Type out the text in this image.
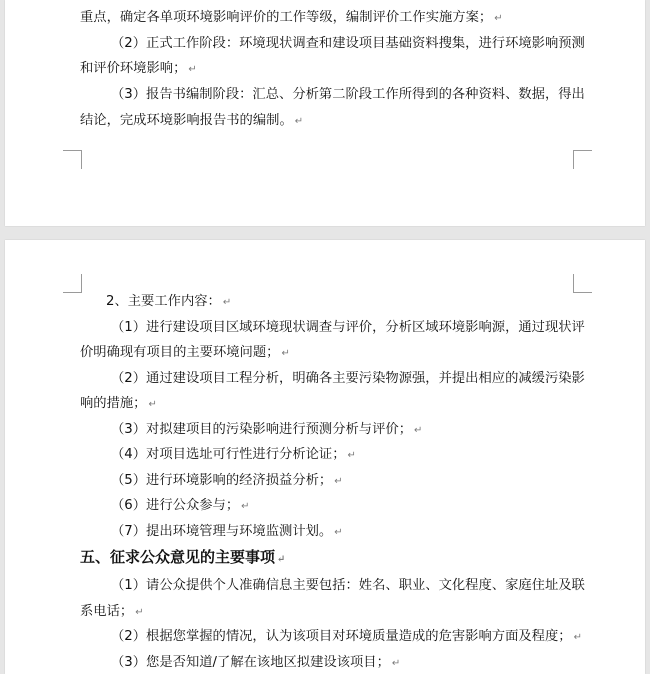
重点，确定各单项环境影响评价的工作等级，编制评价工作实施方案； ↵
（2）正式工作阶段：环境现状调查和建设项目基础资料搜集，进行环境影响预测
和评价环境影响； ↵
（3）报告书编制阶段：汇总、分析第二阶段工作所得到的各种资料、数据，得出
结论，完成环境影响报告书的编制。 ↵
2、主要工作内容： ↵
（1）进行建设项目区域环境现状调查与评价，分析区域环境影响源，通过现状评
价明确现有项目的主要环境问题； ↵
（2）通过建设项目工程分析，明确各主要污染物源强，并提出相应的减缓污染影
响的措施； ↵
（3）对拟建项目的污染影响进行预测分析与评价； ↵
（4）对项目选址可行性进行分析论证； ↵
（5）进行环境影响的经济损益分析； ↵
（6）进行公众参与； ↵
（7）提出环境管理与环境监测计划。 ↵
五、征求公众意见的主要事项 ↵
（1）请公众提供个人准确信息主要包括：姓名、职业、文化程度、家庭住址及联
系电话； ↵
（2）根据您掌握的情况，认为该项目对环境质量造成的危害影响方面及程度； ↵
（3）您是否知道/了解在该地区拟建设该项目； ↵
